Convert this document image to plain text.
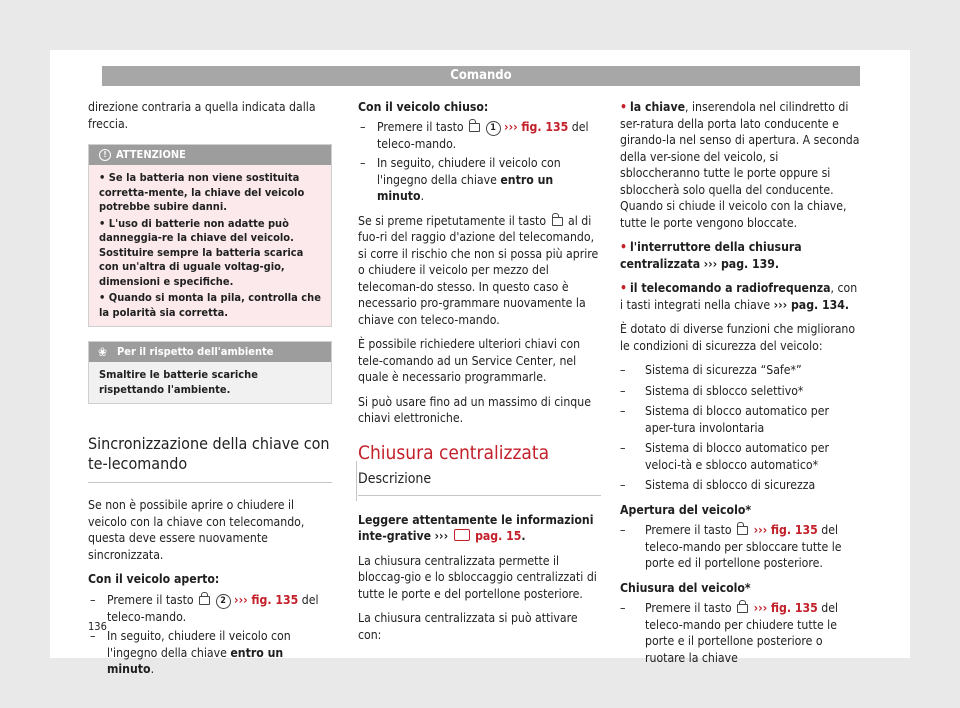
Comando

direzione contraria a quella indicata dalla freccia.

! ATTENZIONE
• Se la batteria non viene sostituita corretta-mente, la chiave del veicolo potrebbe subire danni.
• L'uso di batterie non adatte può danneggia-re la chiave del veicolo. Sostituire sempre la batteria scarica con un'altra di uguale voltag-gio, dimensioni e specifiche.
• Quando si monta la pila, controlla che la polarità sia corretta.
❀ Per il rispetto dell'ambiente
Smaltire le batterie scariche rispettando l'ambiente.
Sincronizzazione della chiave con te-lecomando

Se non è possibile aprire o chiudere il veicolo con la chiave con telecomando, questa deve essere nuovamente sincronizzata.

Con il veicolo aperto:

– Premere il tasto	2 ››› fig. 135 del teleco-mando.
– In seguito, chiudere il veicolo con l'ingegno della chiave entro un minuto.

Con il veicolo chiuso:

– Premere il tasto	1 ››› fig. 135 del teleco-mando.
– In seguito, chiudere il veicolo con l'ingegno della chiave entro un minuto.

Se si preme ripetutamente il tasto al di fuo-ri del raggio d'azione del telecomando, si corre il rischio che non si possa più aprire o chiudere il veicolo per mezzo del telecoman-do stesso. In questo caso è necessario pro-grammare nuovamente la chiave con teleco-mando.

È possibile richiedere ulteriori chiavi con tele-comando ad un Service Center, nel quale è necessario programmarle.

Si può usare fino ad un massimo di cinque chiavi elettroniche.

Chiusura centralizzata
Descrizione

Leggere attentamente le informazioni inte-grative ››› pag. 15.

La chiusura centralizzata permette il bloccag-gio e lo sbloccaggio centralizzati di tutte le porte e del portellone posteriore.

La chiusura centralizzata si può attivare con:

• la chiave, inserendola nel cilindretto di ser-ratura della porta lato conducente e girando-la nel senso di apertura. A seconda della ver-sione del veicolo, si sbloccheranno tutte le porte oppure si sbloccherà solo quella del conducente. Quando si chiude il veicolo con la chiave, tutte le porte vengono bloccate.

• l'interruttore della chiusura centralizzata ››› pag. 139.

• il telecomando a radiofrequenza, con i tasti integrati nella chiave ››› pag. 134.

È dotato di diverse funzioni che migliorano le condizioni di sicurezza del veicolo:

– Sistema di sicurezza “Safe*”
– Sistema di sblocco selettivo*
– Sistema di blocco automatico per aper-tura involontaria
– Sistema di blocco automatico per veloci-tà e sblocco automatico*
– Sistema di sblocco di sicurezza

Apertura del veicolo*

– Premere il tasto ››› fig. 135 del teleco-mando per sbloccare tutte le porte ed il portellone posteriore.

Chiusura del veicolo*

– Premere il tasto ››› fig. 135 del teleco-mando per chiudere tutte le porte e il portellone posteriore o ruotare la chiave
136
